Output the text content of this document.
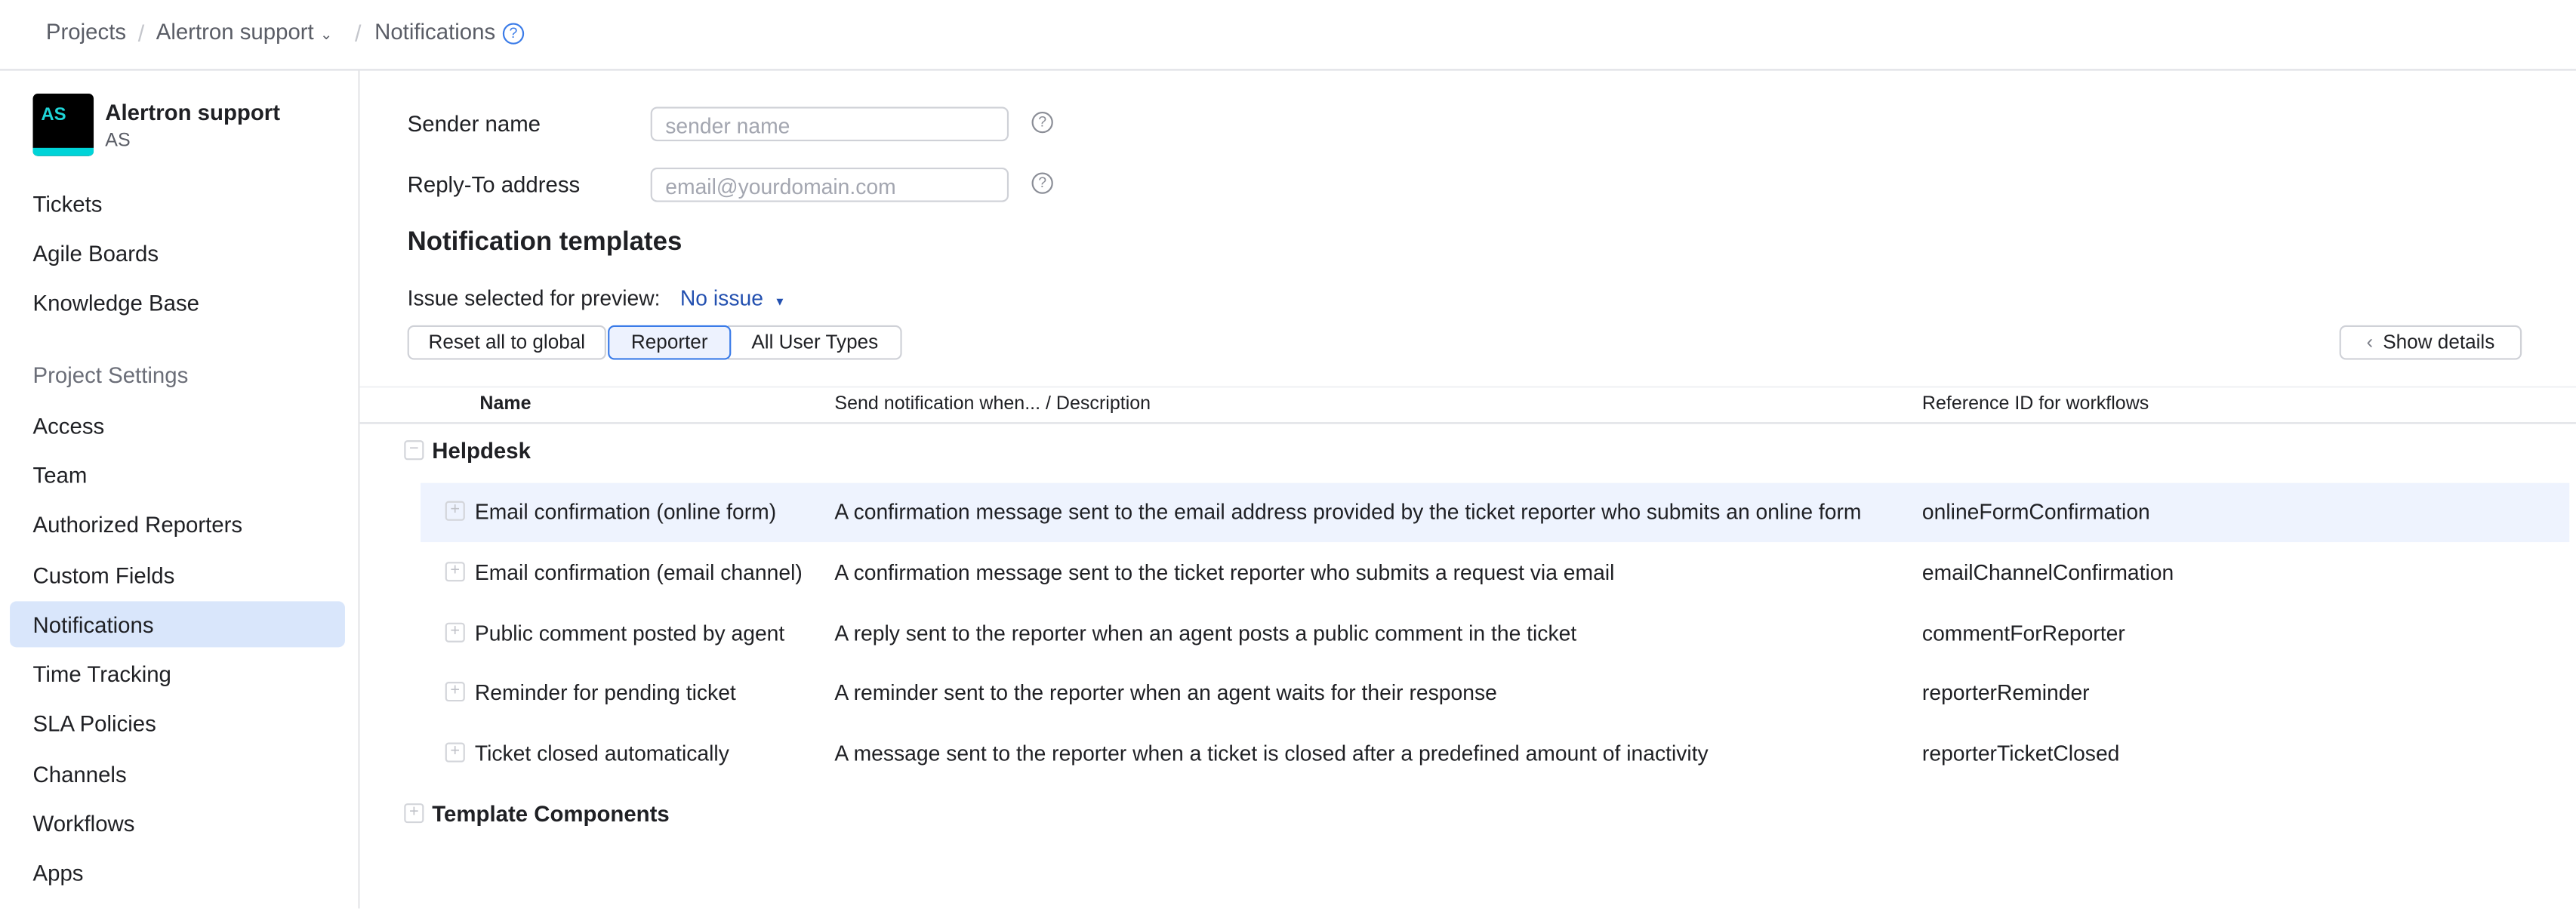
Projects / Alertron support ⌄ / Notifications	?
AS	Alertron support
AS
Tickets
Agile Boards
Knowledge Base
Project Settings
Access
Team
Authorized Reporters
Custom Fields
Notifications
Time Tracking
SLA Policies
Channels
Workflows
Apps
Sender name	sender name	?
Reply-To address	email@yourdomain.com	?
Notification templates
Issue selected for preview: No issue ▼
Reset all to global	Reporter	All User Types	‹ Show details
Name	Send notification when... / Description	Reference ID for workflows
−	Helpdesk
+	Email confirmation (online form)	A confirmation message sent to the email address provided by the ticket reporter who submits an online form	onlineFormConfirmation
+	Email confirmation (email channel)	A confirmation message sent to the ticket reporter who submits a request via email	emailChannelConfirmation
+	Public comment posted by agent	A reply sent to the reporter when an agent posts a public comment in the ticket	commentForReporter
+	Reminder for pending ticket	A reminder sent to the reporter when an agent waits for their response	reporterReminder
+	Ticket closed automatically	A message sent to the reporter when a ticket is closed after a predefined amount of inactivity	reporterTicketClosed
+	Template Components
